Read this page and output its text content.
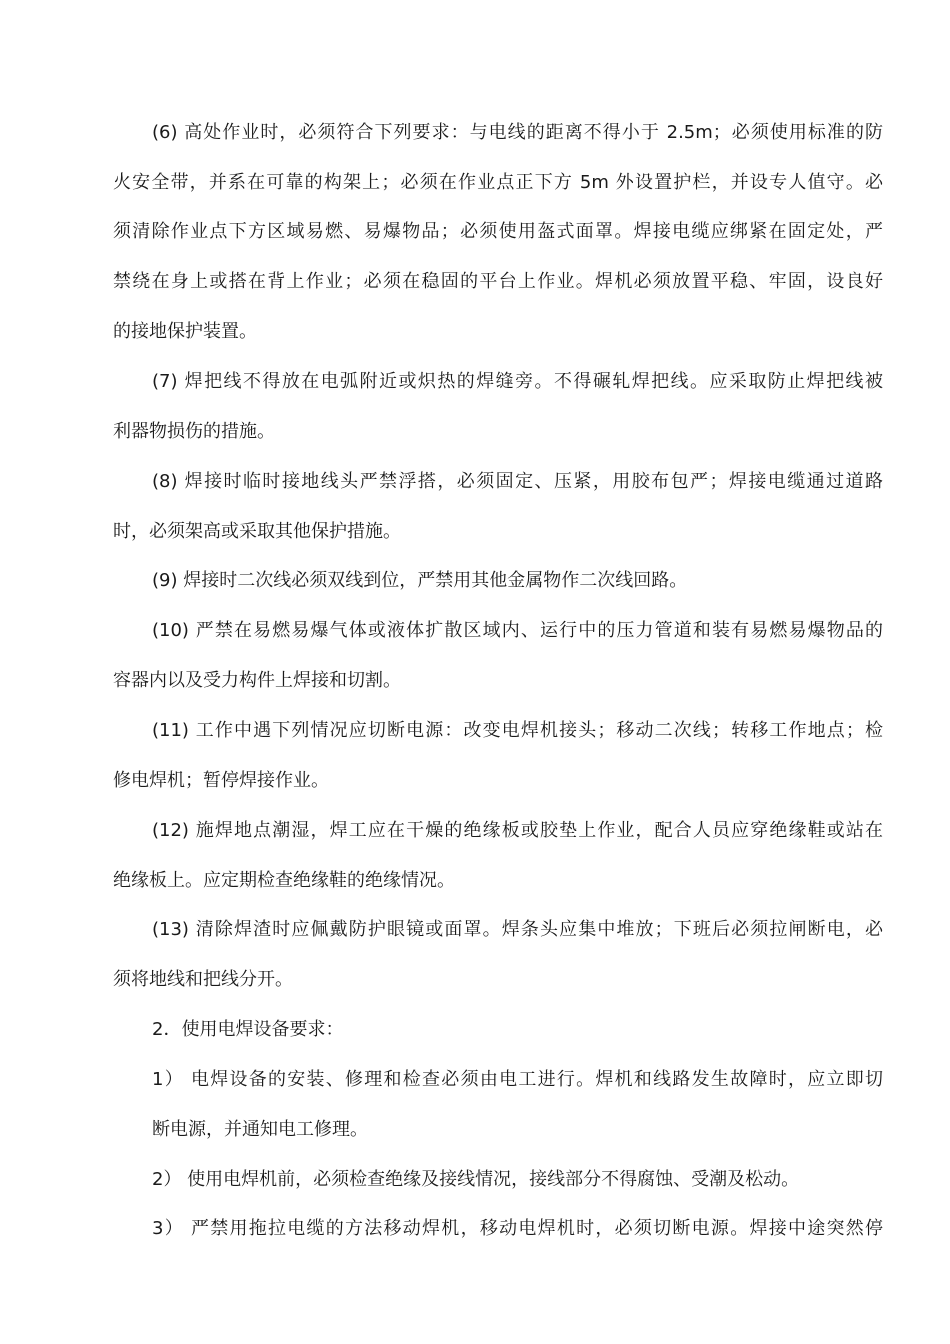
(6) 高处作业时，必须符合下列要求：与电线的距离不得小于 2.5m；必须使用标准的防
火安全带，并系在可靠的构架上；必须在作业点正下方 5m 外设置护栏，并设专人值守。必
须清除作业点下方区域易燃、易爆物品；必须使用盔式面罩。焊接电缆应绑紧在固定处，严
禁绕在身上或搭在背上作业；必须在稳固的平台上作业。焊机必须放置平稳、牢固，设良好
的接地保护装置。
(7) 焊把线不得放在电弧附近或炽热的焊缝旁。不得碾轧焊把线。应采取防止焊把线被
利器物损伤的措施。
(8) 焊接时临时接地线头严禁浮搭，必须固定、压紧，用胶布包严；焊接电缆通过道路
时，必须架高或采取其他保护措施。
(9) 焊接时二次线必须双线到位，严禁用其他金属物作二次线回路。
(10) 严禁在易燃易爆气体或液体扩散区域内、运行中的压力管道和装有易燃易爆物品的
容器内以及受力构件上焊接和切割。
(11) 工作中遇下列情况应切断电源：改变电焊机接头；移动二次线；转移工作地点；检
修电焊机；暂停焊接作业。
(12) 施焊地点潮湿，焊工应在干燥的绝缘板或胶垫上作业，配合人员应穿绝缘鞋或站在
绝缘板上。应定期检查绝缘鞋的绝缘情况。
(13) 清除焊渣时应佩戴防护眼镜或面罩。焊条头应集中堆放；下班后必须拉闸断电，必
须将地线和把线分开。
2．使用电焊设备要求：
1） 电焊设备的安装、修理和检查必须由电工进行。焊机和线路发生故障时，应立即切
断电源，并通知电工修理。
2） 使用电焊机前，必须检查绝缘及接线情况，接线部分不得腐蚀、受潮及松动。
3） 严禁用拖拉电缆的方法移动焊机，移动电焊机时，必须切断电源。焊接中途突然停
